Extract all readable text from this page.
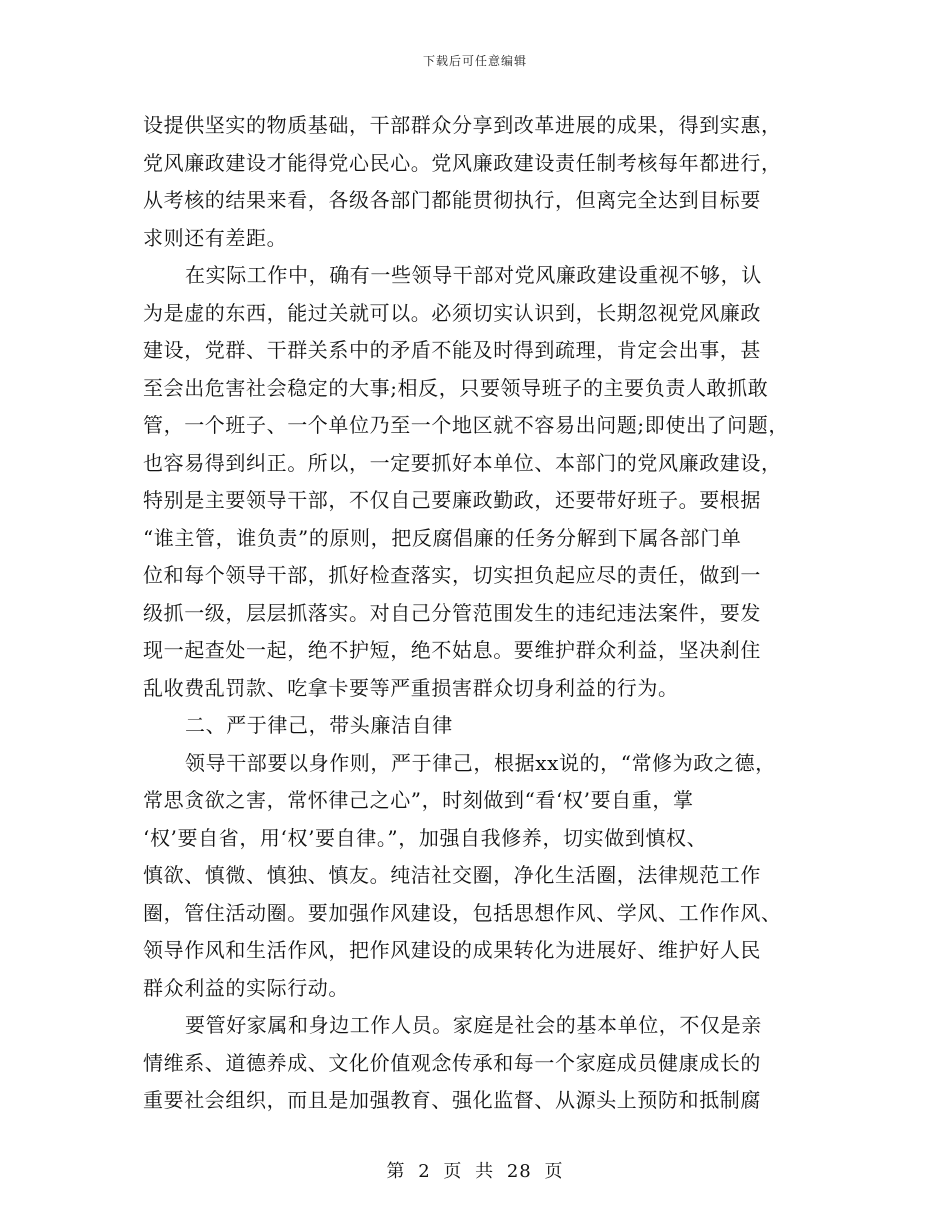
下载后可任意编辑

设提供坚实的物质基础，干部群众分享到改革进展的成果，得到实惠，

党风廉政建设才能得党心民心。党风廉政建设责任制考核每年都进行，

从考核的结果来看，各级各部门都能贯彻执行，但离完全达到目标要

求则还有差距。

在实际工作中，确有一些领导干部对党风廉政建设重视不够，认

为是虚的东西，能过关就可以。必须切实认识到，长期忽视党风廉政

建设，党群、干群关系中的矛盾不能及时得到疏理，肯定会出事，甚

至会出危害社会稳定的大事;相反，只要领导班子的主要负责人敢抓敢

管，一个班子、一个单位乃至一个地区就不容易出问题;即使出了问题，

也容易得到纠正。所以，一定要抓好本单位、本部门的党风廉政建设，

特别是主要领导干部，不仅自己要廉政勤政，还要带好班子。要根据

“谁主管，谁负责”的原则，把反腐倡廉的任务分解到下属各部门单

位和每个领导干部，抓好检查落实，切实担负起应尽的责任，做到一

级抓一级，层层抓落实。对自己分管范围发生的违纪违法案件，要发

现一起查处一起，绝不护短，绝不姑息。要维护群众利益，坚决刹住

乱收费乱罚款、吃拿卡要等严重损害群众切身利益的行为。

二、严于律己，带头廉洁自律

领导干部要以身作则，严于律己，根据xx说的，“常修为政之德，

常思贪欲之害，常怀律己之心”，时刻做到“看‘权’要自重，掌

‘权’要自省，用‘权’要自律。”，加强自我修养，切实做到慎权、

慎欲、慎微、慎独、慎友。纯洁社交圈，净化生活圈，法律规范工作

圈，管住活动圈。要加强作风建设，包括思想作风、学风、工作作风、

领导作风和生活作风，把作风建设的成果转化为进展好、维护好人民

群众利益的实际行动。

要管好家属和身边工作人员。家庭是社会的基本单位，不仅是亲

情维系、道德养成、文化价值观念传承和每一个家庭成员健康成长的

重要社会组织，而且是加强教育、强化监督、从源头上预防和抵制腐

第 2 页 共 28 页
